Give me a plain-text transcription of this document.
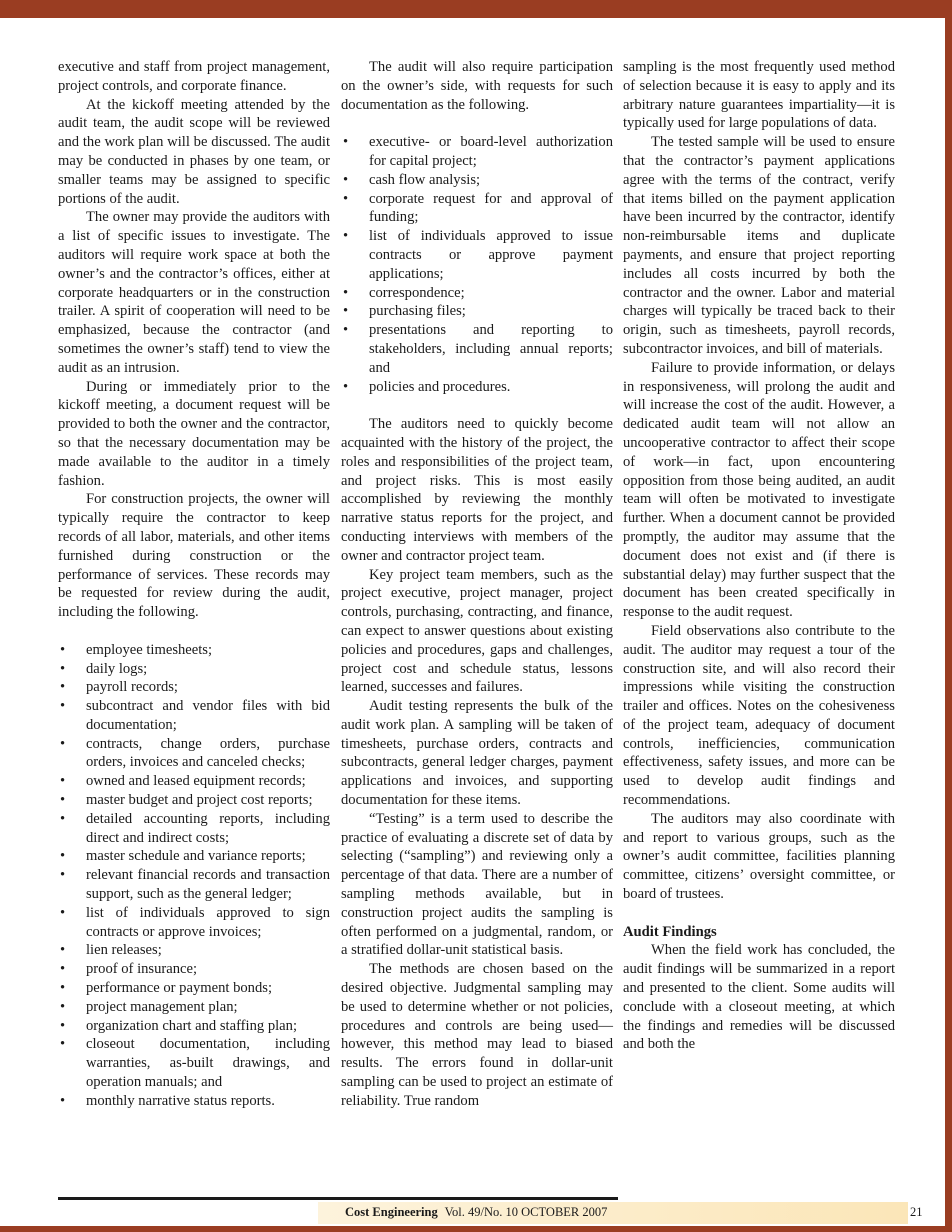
executive and staff from project management, project controls, and corporate finance.

At the kickoff meeting attended by the audit team, the audit scope will be reviewed and the work plan will be discussed. The audit may be conducted in phases by one team, or smaller teams may be assigned to specific portions of the audit.

The owner may provide the auditors with a list of specific issues to investigate. The auditors will require work space at both the owner’s and the contractor’s offices, either at corporate headquarters or in the construction trailer. A spirit of cooperation will need to be emphasized, because the contractor (and sometimes the owner’s staff) tend to view the audit as an intrusion.

During or immediately prior to the kickoff meeting, a document request will be provided to both the owner and the contractor, so that the necessary documentation may be made available to the auditor in a timely fashion.

For construction projects, the owner will typically require the contractor to keep records of all labor, materials, and other items furnished during construction or the performance of services. These records may be requested for review during the audit, including the following.

• employee timesheets;
• daily logs;
• payroll records;
• subcontract and vendor files with bid documentation;
• contracts, change orders, purchase orders, invoices and canceled checks;
• owned and leased equipment records;
• master budget and project cost reports;
• detailed accounting reports, including direct and indirect costs;
• master schedule and variance reports;
• relevant financial records and transaction support, such as the general ledger;
• list of individuals approved to sign contracts or approve invoices;
• lien releases;
• proof of insurance;
• performance or payment bonds;
• project management plan;
• organization chart and staffing plan;
• closeout documentation, including warranties, as-built drawings, and operation manuals; and
• monthly narrative status reports.

The audit will also require participation on the owner’s side, with requests for such documentation as the following.

• executive- or board-level authorization for capital project;
• cash flow analysis;
• corporate request for and approval of funding;
• list of individuals approved to issue contracts or approve payment applications;
• correspondence;
• purchasing files;
• presentations and reporting to stakeholders, including annual reports; and
• policies and procedures.

The auditors need to quickly become acquainted with the history of the project, the roles and responsibilities of the project team, and project risks. This is most easily accomplished by reviewing the monthly narrative status reports for the project, and conducting interviews with members of the owner and contractor project team.

Key project team members, such as the project executive, project manager, project controls, purchasing, contracting, and finance, can expect to answer questions about existing policies and procedures, gaps and challenges, project cost and schedule status, lessons learned, successes and failures.

Audit testing represents the bulk of the audit work plan. A sampling will be taken of timesheets, purchase orders, contracts and subcontracts, general ledger charges, payment applications and invoices, and supporting documentation for these items.

“Testing” is a term used to describe the practice of evaluating a discrete set of data by selecting (“sampling”) and reviewing only a percentage of that data. There are a number of sampling methods available, but in construction project audits the sampling is often performed on a judgmental, random, or a stratified dollar-unit statistical basis.

The methods are chosen based on the desired objective. Judgmental sampling may be used to determine whether or not policies, procedures and controls are being used—however, this method may lead to biased results. The errors found in dollar-unit sampling can be used to project an estimate of reliability. True random

sampling is the most frequently used method of selection because it is easy to apply and its arbitrary nature guarantees impartiality—it is typically used for large populations of data.

The tested sample will be used to ensure that the contractor’s payment applications agree with the terms of the contract, verify that items billed on the payment application have been incurred by the contractor, identify non-reimbursable items and duplicate payments, and ensure that project reporting includes all costs incurred by both the contractor and the owner. Labor and material charges will typically be traced back to their origin, such as timesheets, payroll records, subcontractor invoices, and bill of materials.

Failure to provide information, or delays in responsiveness, will prolong the audit and will increase the cost of the audit. However, a dedicated audit team will not allow an uncooperative contractor to affect their scope of work—in fact, upon encountering opposition from those being audited, an audit team will often be motivated to investigate further. When a document cannot be provided promptly, the auditor may assume that the document does not exist and (if there is substantial delay) may further suspect that the document has been created specifically in response to the audit request.

Field observations also contribute to the audit. The auditor may request a tour of the construction site, and will also record their impressions while visiting the construction trailer and offices. Notes on the cohesiveness of the project team, adequacy of document controls, inefficiencies, communication effectiveness, safety issues, and more can be used to develop audit findings and recommendations.

The auditors may also coordinate with and report to various groups, such as the owner’s audit committee, facilities planning committee, citizens’ oversight committee, or board of trustees.

Audit Findings

When the field work has concluded, the audit findings will be summarized in a report and presented to the client. Some audits will conclude with a closeout meeting, at which the findings and remedies will be discussed and both the

Cost Engineering Vol. 49/No. 10 OCTOBER 2007	21
